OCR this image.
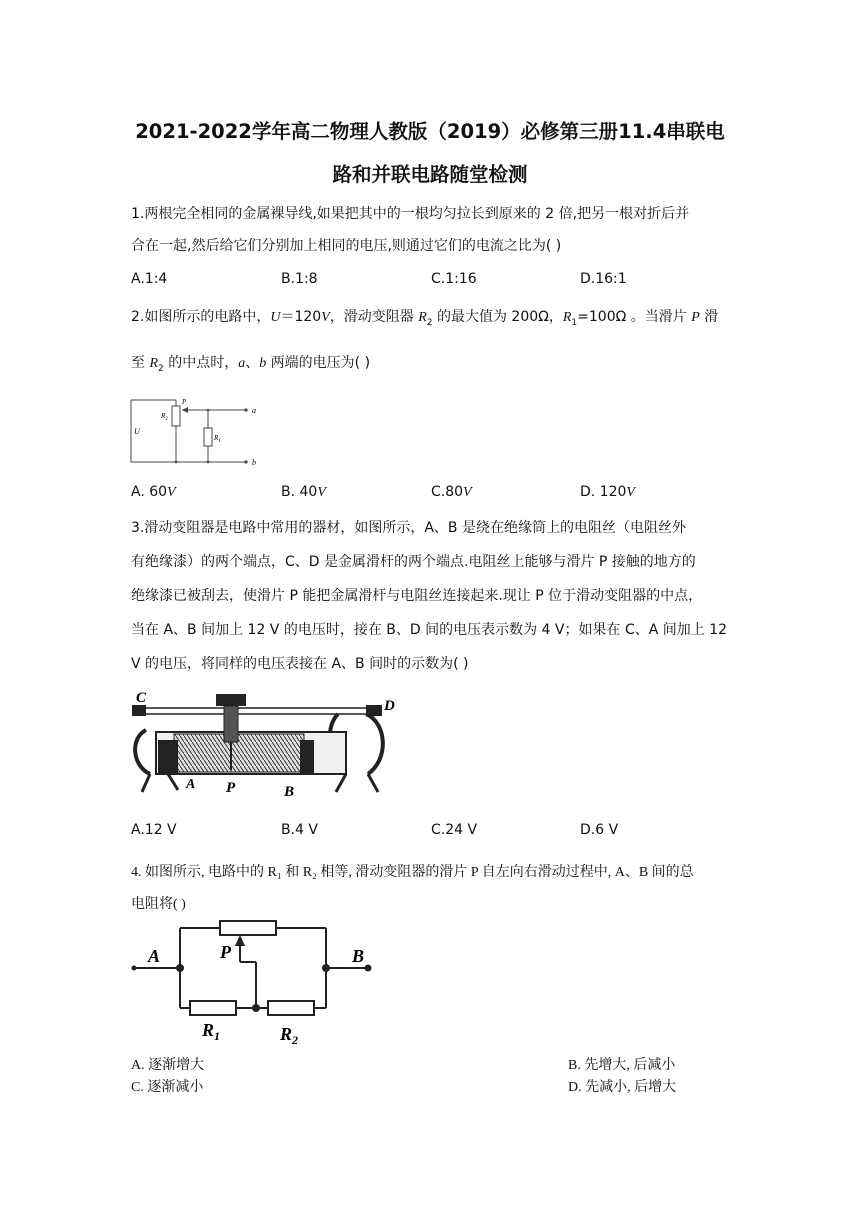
2021-2022学年高二物理人教版（2019）必修第三册11.4串联电
路和并联电路随堂检测
1.两根完全相同的金属裸导线,如果把其中的一根均匀拉长到原来的 2 倍,把另一根对折后并
合在一起,然后给它们分别加上相同的电压,则通过它们的电流之比为( )
A.1:4	B.1:8	C.1:16	D.16:1
2.如图所示的电路中，U＝120V，滑动变阻器 $R_2$ 的最大值为 200Ω，$R_1=100\Omega$ 。当滑片 P 滑
至 $R_2$ 的中点时，a、b 两端的电压为( )
U
$R_2$
P
$R_1$
a
b
A. 60V	B. 40V	C.80V	D. 120V
3.滑动变阻器是电路中常用的器材，如图所示，A、B 是绕在绝缘筒上的电阻丝（电阻丝外
有绝缘漆）的两个端点，C、D 是金属滑杆的两个端点.电阻丝上能够与滑片 P 接触的地方的
绝缘漆已被刮去，使滑片 P 能把金属滑杆与电阻丝连接起来.现让 P 位于滑动变阻器的中点，
当在 A、B 间加上 12 V 的电压时，接在 B、D 间的电压表示数为 4 V；如果在 C、A 间加上 12
V 的电压，将同样的电压表接在 A、B 间时的示数为( )
C	D
A P	B
A.12 V	B.4 V	C.24 V	D.6 V
4. 如图所示, 电路中的 R₁ 和 R₂ 相等, 滑动变阻器的滑片 P 自左向右滑动过程中, A、B 间的总
电阻将( )
A	B
P
$R_1$	$R_2$
A. 逐渐增大	B. 先增大, 后减小
C. 逐渐减小	D. 先减小, 后增大
